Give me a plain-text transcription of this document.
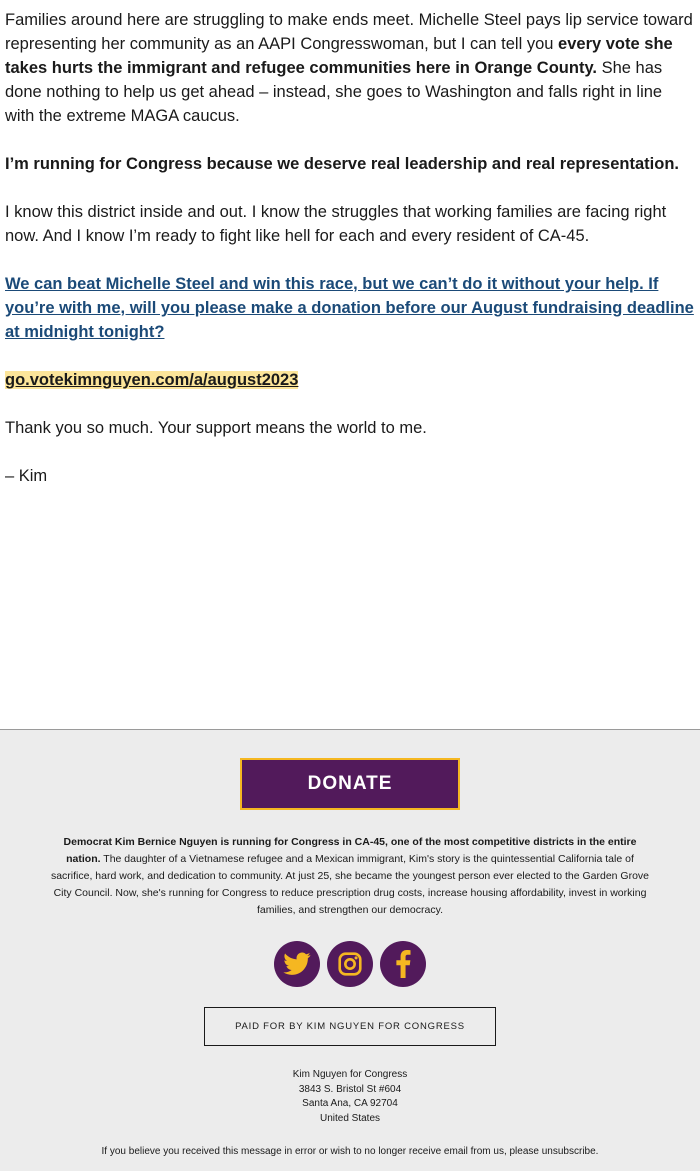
Families around here are struggling to make ends meet. Michelle Steel pays lip service toward representing her community as an AAPI Congresswoman, but I can tell you every vote she takes hurts the immigrant and refugee communities here in Orange County. She has done nothing to help us get ahead – instead, she goes to Washington and falls right in line with the extreme MAGA caucus.

I’m running for Congress because we deserve real leadership and real representation.

I know this district inside and out. I know the struggles that working families are facing right now. And I know I’m ready to fight like hell for each and every resident of CA-45.

We can beat Michelle Steel and win this race, but we can’t do it without your help. If you’re with me, will you please make a donation before our August fundraising deadline at midnight tonight?

go.votekimnguyen.com/a/august2023

Thank you so much. Your support means the world to me.

– Kim

DONATE
Democrat Kim Bernice Nguyen is running for Congress in CA-45, one of the most competitive districts in the entire nation. The daughter of a Vietnamese refugee and a Mexican immigrant, Kim's story is the quintessential California tale of sacrifice, hard work, and dedication to community. At just 25, she became the youngest person ever elected to the Garden Grove City Council. Now, she's running for Congress to reduce prescription drug costs, increase housing affordability, invest in working families, and strengthen our democracy.
PAID FOR BY KIM NGUYEN FOR CONGRESS
Kim Nguyen for Congress
3843 S. Bristol St #604
Santa Ana, CA 92704
United States
If you believe you received this message in error or wish to no longer receive email from us, please unsubscribe.
